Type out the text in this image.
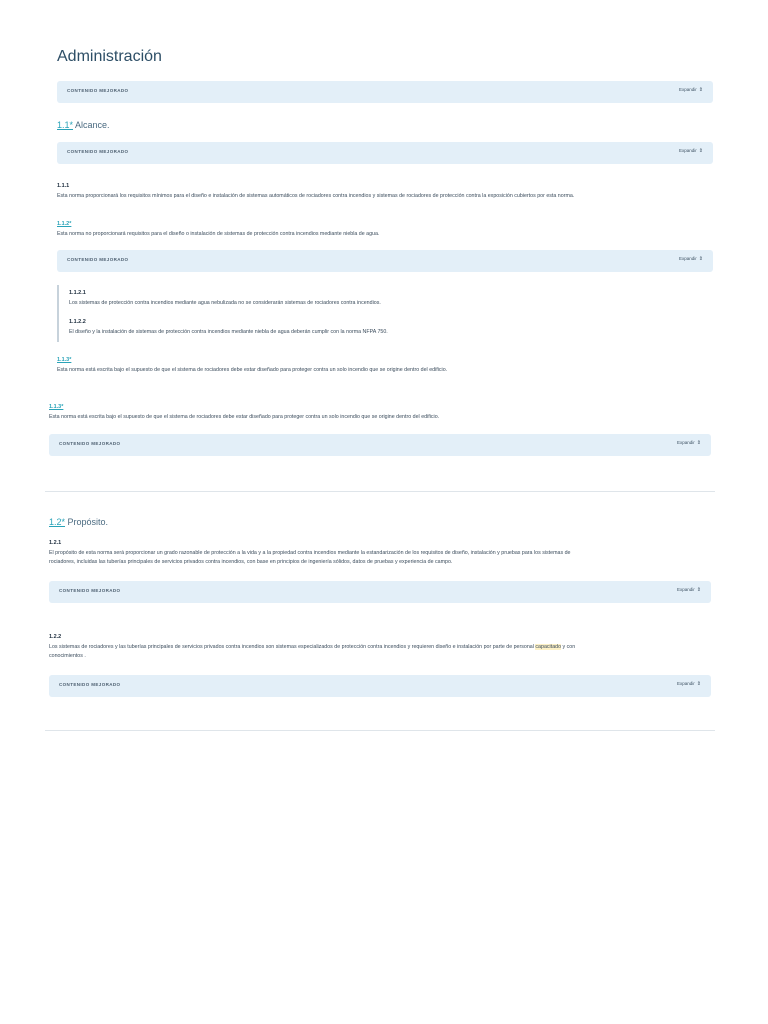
Administración
CONTENIDO MEJORADO	Expandir ⇕
1.1* Alcance.
CONTENIDO MEJORADO	Expandir ⇕
1.1.1
Esta norma proporcionará los requisitos mínimos para el diseño e instalación de sistemas automáticos de rociadores contra incendios y sistemas de rociadores de protección contra la exposición cubiertos por esta norma.
1.1.2*
Esta norma no proporcionará requisitos para el diseño o instalación de sistemas de protección contra incendios mediante niebla de agua.
CONTENIDO MEJORADO	Expandir ⇕
1.1.2.1
Los sistemas de protección contra incendios mediante agua nebulizada no se considerarán sistemas de rociadores contra incendios.
1.1.2.2
El diseño y la instalación de sistemas de protección contra incendios mediante niebla de agua deberán cumplir con la norma NFPA 750.
1.1.3*
Esta norma está escrita bajo el supuesto de que el sistema de rociadores debe estar diseñado para proteger contra un solo incendio que se origine dentro del edificio.
1.1.3*
Esta norma está escrita bajo el supuesto de que el sistema de rociadores debe estar diseñado para proteger contra un solo incendio que se origine dentro del edificio.
CONTENIDO MEJORADO	Expandir ⇕
1.2* Propósito.
1.2.1
El propósito de esta norma será proporcionar un grado razonable de protección a la vida y a la propiedad contra incendios mediante la estandarización de los requisitos de diseño, instalación y pruebas para los sistemas de
rociadores, incluidas las tuberías principales de servicios privados contra incendios, con base en principios de ingeniería sólidos, datos de pruebas y experiencia de campo.
CONTENIDO MEJORADO	Expandir ⇕
1.2.2
Los sistemas de rociadores y las tuberías principales de servicios privados contra incendios son sistemas especializados de protección contra incendios y requieren diseño e instalación por parte de personal capacitado y con
conocimientos .
CONTENIDO MEJORADO	Expandir ⇕
